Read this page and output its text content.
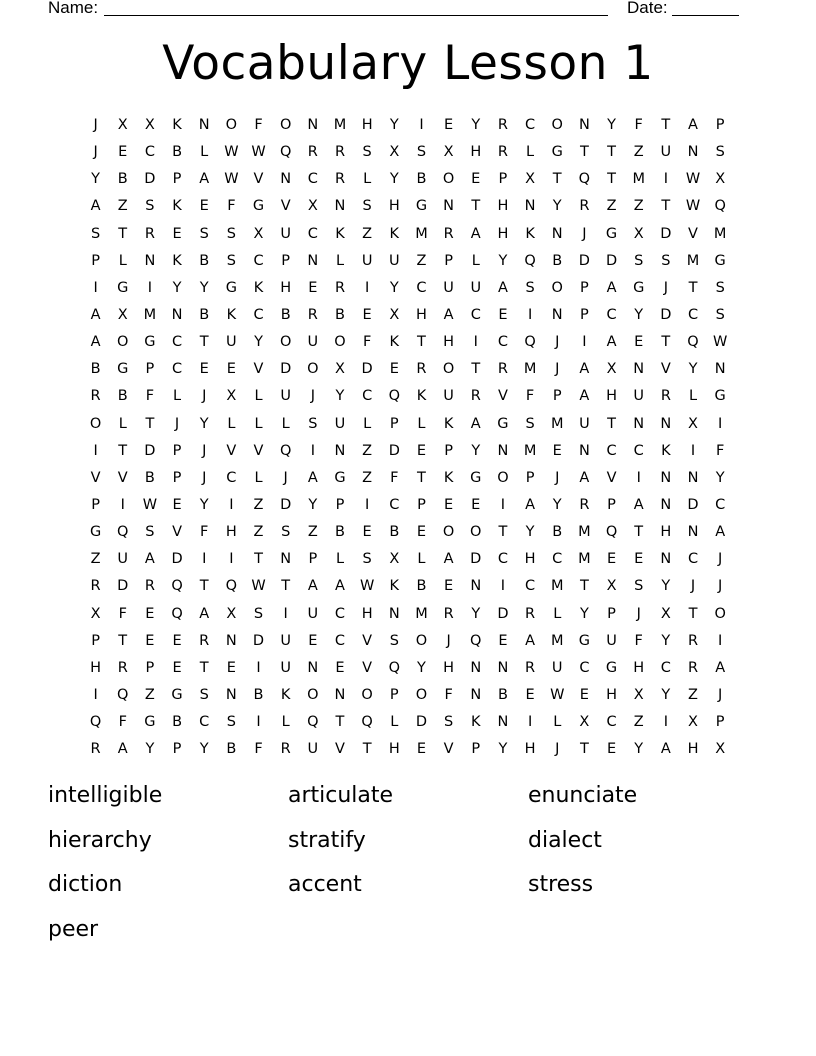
Name:	Date:
Vocabulary Lesson 1
J	X	X	K	N	O	F	O	N	M	H	Y	I	E	Y	R	C	O	N	Y	F	T	A	P
J	E	C	B	L	W W Q	R	R	S	X	S	X	H	R	L	G	T	T	Z	U	N	S
Y	B	D	P	A	W	V	N	C	R	L	Y	B	O	E	P	X	T	Q	T	M	I	W	X
A	Z	S	K	E	F	G	V	X	N	S	H	G	N	T	H	N	Y	R	Z	Z	T	W Q
S	T	R	E	S	S	X	U	C	K	Z	K	M	R	A	H	K	N	J	G	X	D	V	M
P	L	N	K	B	S	C	P	N	L	U	U	Z	P	L	Y	Q	B	D	D	S	S	M	G
I	G	I	Y	Y	G	K	H	E	R	I	Y	C	U	U	A	S	O	P	A	G	J	T	S
A	X	M	N	B	K	C	B	R	B	E	X	H	A	C	E	I	N	P	C	Y	D	C	S
A	O	G	C	T	U	Y	O	U	O	F	K	T	H	I	C	Q	J	I	A	E	T	Q W
B	G	P	C	E	E	V	D	O	X	D	E	R	O	T	R	M	J	A	X	N	V	Y	N
R	B	F	L	J	X	L	U	J	Y	C	Q	K	U	R	V	F	P	A	H	U	R	L	G
O	L	T	J	Y	L	L	L	S	U	L	P	L	K	A	G	S	M	U	T	N	N	X	I
I	T	D	P	J	V	V	Q	I	N	Z	D	E	P	Y	N	M	E	N	C	C	K	I	F
V	V	B	P	J	C	L	J	A	G	Z	F	T	K	G	O	P	J	A	V	I	N	N	Y
P	I	W	E	Y	I	Z	D	Y	P	I	C	P	E	E	I	A	Y	R	P	A	N	D	C
G	Q	S	V	F	H	Z	S	Z	B	E	B	E	O	O	T	Y	B	M	Q	T	H	N	A
Z	U	A	D	I	I	T	N	P	L	S	X	L	A	D	C	H	C	M	E	E	N	C	J
R	D	R	Q	T	Q W	T	A	A	W	K	B	E	N	I	C	M	T	X	S	Y	J	J
X	F	E	Q	A	X	S	I	U	C	H	N	M	R	Y	D	R	L	Y	P	J	X	T	O
P	T	E	E	R	N	D	U	E	C	V	S	O	J	Q	E	A	M	G	U	F	Y	R	I
H	R	P	E	T	E	I	U	N	E	V	Q	Y	H	N	N	R	U	C	G	H	C	R	A
I	Q	Z	G	S	N	B	K	O	N	O	P	O	F	N	B	E	W	E	H	X	Y	Z	J
Q	F	G	B	C	S	I	L	Q	T	Q	L	D	S	K	N	I	L	X	C	Z	I	X	P
R	A	Y	P	Y	B	F	R	U	V	T	H	E	V	P	Y	H	J	T	E	Y	A	H	X
intelligible	articulate	enunciate
hierarchy	stratify	dialect
diction	accent	stress
peer
